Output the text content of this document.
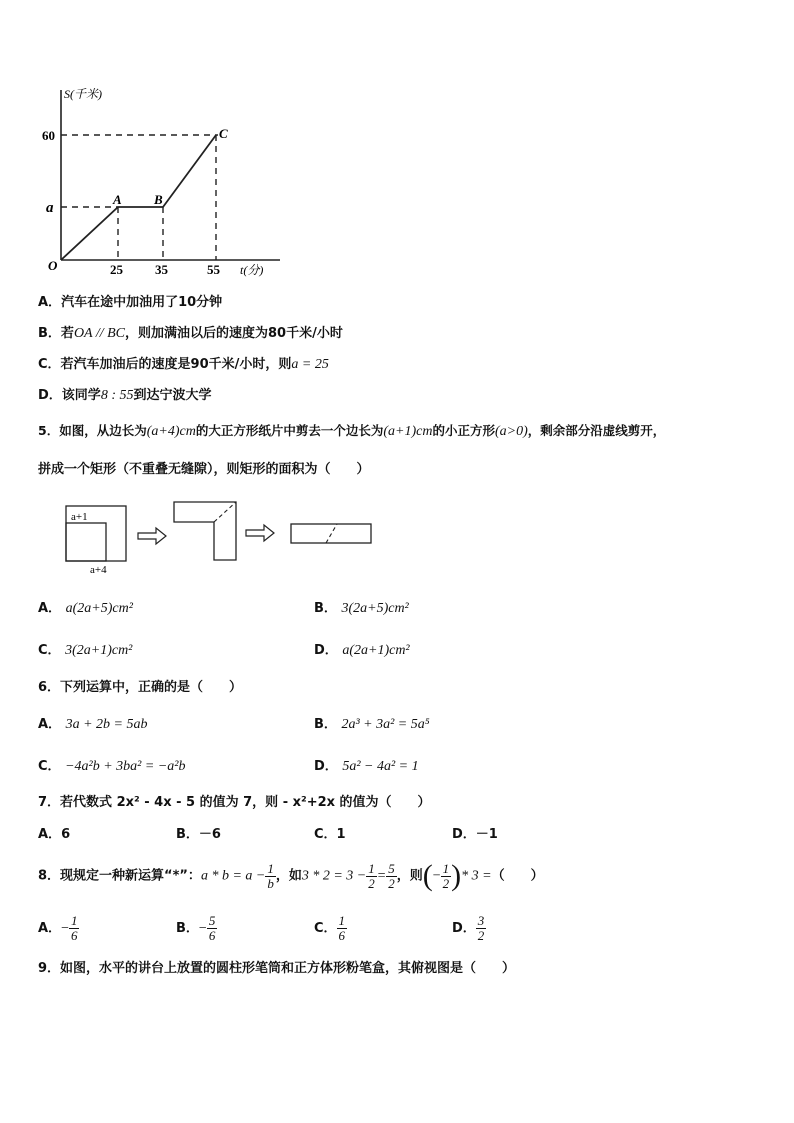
S(千米)
t(分)
60
a
O	25 35	55
A B
C
A．汽车在途中加油用了10分钟
B．若OA // BC，则加满油以后的速度为80千米/小时
C．若汽车加油后的速度是90千米/小时，则a = 25
D．该同学8 : 55到达宁波大学
5．如图，从边长为(a+4)cm的大正方形纸片中剪去一个边长为(a+1)cm的小正方形(a>0)，剩余部分沿虚线剪开，
拼成一个矩形（不重叠无缝隙），则矩形的面积为（　　）
a+1
a+4
A． a(2a+5)cm²	B． 3(2a+5)cm²
C． 3(2a+1)cm²	D． a(2a+1)cm²
6．下列运算中，正确的是（　　）
A． 3a + 2b = 5ab	B． 2a³ + 3a² = 5a⁵
C． −4a²b + 3ba² = −a²b	D． 5a² − 4a² = 1
7．若代数式 2x² - 4x - 5 的值为 7，则 - x²+2x 的值为（　　）
A．6	B．－6	C．1	D．－1
8．现规定一种新运算“*”：$a * b = a - \frac{1}{b}$ ，如$3 * 2 = 3 - \frac{1}{2} = \frac{5}{2}$ ，则(− $\frac{1}{2}$ )* 3 =（　　）
A．− $\frac{1}{6}$	B．− $\frac{5}{6}$	C． $\frac{1}{6}$	D． $\frac{3}{2}$
9．如图，水平的讲台上放置的圆柱形笔筒和正方体形粉笔盒，其俯视图是（　　）
